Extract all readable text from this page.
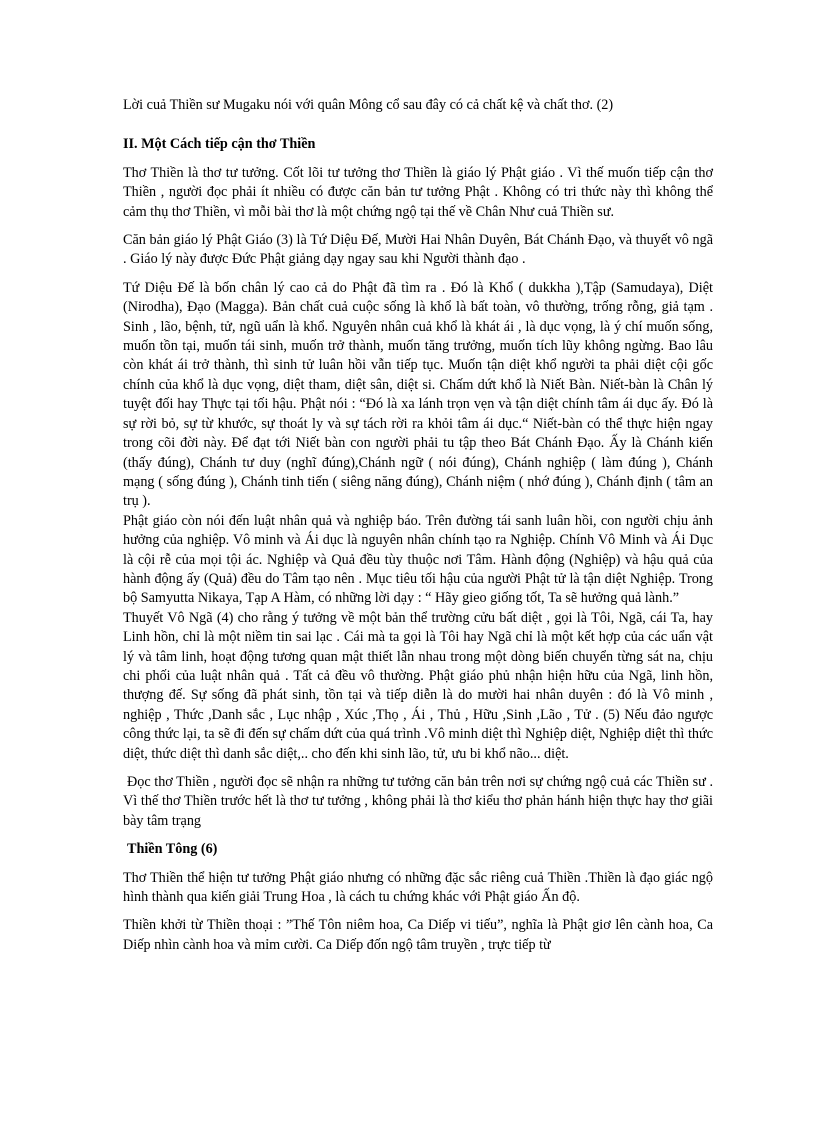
Lời cuả Thiền sư Mugaku nói với quân Mông cổ sau đây có cả chất kệ và chất thơ. (2)

II. Một Cách tiếp cận thơ Thiền

Thơ Thiền là thơ tư tưởng. Cốt lõi tư tưởng thơ Thiền là giáo lý Phật giáo . Vì thế muốn tiếp cận thơ Thiền , người đọc phải ít nhiều có được căn bản tư tưởng Phật . Không có tri thức này thì không thể cảm thụ thơ Thiền, vì mỗi bài thơ là một chứng ngộ tại thế về Chân Như cuả Thiền sư.

Căn bản giáo lý Phật Giáo (3) là Tứ Diệu Đế, Mười Hai Nhân Duyên, Bát Chánh Đạo, và thuyết vô ngã . Giáo lý này được Đức Phật giảng dạy ngay sau khi Người thành đạo .

Tứ Diệu Đế là bốn chân lý cao cả do Phật đã tìm ra . Đó là Khổ ( dukkha ),Tập (Samudaya), Diệt (Nirodha), Đạo (Magga). Bản chất cuả cuộc sống là khổ là bất toàn, vô thường, trống rỗng, giả tạm . Sinh , lão, bệnh, tử, ngũ uẩn là khổ. Nguyên nhân cuả khổ là khát ái , là dục vọng, là ý chí muốn sống, muốn tồn tại, muốn tái sinh, muốn trở thành, muốn tăng trưởng, muốn tích lũy không ngừng. Bao lâu còn khát ái trở thành, thì sinh tử luân hồi vẫn tiếp tục. Muốn tận diệt khổ người ta phải diệt cội gốc chính của khổ là dục vọng, diệt tham, diệt sân, diệt si. Chấm dứt khổ là Niết Bàn. Niết-bàn là Chân lý tuyệt đối hay Thực tại tối hậu. Phật nói : “Đó là xa lánh trọn vẹn và tận diệt chính tâm ái dục ấy. Đó là sự rời bỏ, sự từ khước, sự thoát ly và sự tách rời ra khỏi tâm ái dục.“ Niết-bàn có thể thực hiện ngay trong cõi đời này. Để đạt tới Niết bàn con người phải tu tập theo Bát Chánh Đạo. Ấy là Chánh kiến (thấy đúng), Chánh tư duy (nghĩ đúng),Chánh ngữ ( nói đúng), Chánh nghiệp ( làm đúng ), Chánh mạng ( sống đúng ), Chánh tinh tiến ( siêng năng đúng), Chánh niệm ( nhớ đúng ), Chánh định ( tâm an trụ ).

Phật giáo còn nói đến luật nhân quả và nghiệp báo. Trên đường tái sanh luân hồi, con người chịu ảnh hưởng của nghiệp. Vô minh và Ái dục là nguyên nhân chính tạo ra Nghiệp. Chính Vô Minh và Ái Dục là cội rễ của mọi tội ác. Nghiệp và Quả đều tùy thuộc nơi Tâm. Hành động (Nghiệp) và hậu quả của hành động ấy (Quả) đều do Tâm tạo nên . Mục tiêu tối hậu của người Phật tử là tận diệt Nghiệp. Trong bộ Samyutta Nikaya, Tạp A Hàm, có những lời dạy : “ Hãy gieo giống tốt, Ta sẽ hưởng quả lành.”

Thuyết Vô Ngã (4) cho rằng ý tưởng về một bản thể trường cửu bất diệt , gọi là Tôi, Ngã, cái Ta, hay Linh hồn, chỉ là một niềm tin sai lạc . Cái mà ta gọi là Tôi hay Ngã chỉ là một kết hợp của các uẩn vật lý và tâm linh, hoạt động tương quan mật thiết lẫn nhau trong một dòng biến chuyển từng sát na, chịu chi phối của luật nhân quả . Tất cả đều vô thường. Phật giáo phủ nhận hiện hữu của Ngã, linh hồn, thượng đế. Sự sống đã phát sinh, tồn tại và tiếp diễn là do mười hai nhân duyên : đó là Vô minh , nghiệp , Thức ,Danh sắc , Lục nhập , Xúc ,Thọ , Ái , Thủ , Hữu ,Sinh ,Lão , Tử . (5) Nếu đảo ngược công thức lại, ta sẽ đi đến sự chấm dứt của quá trình .Vô minh diệt thì Nghiệp diệt, Nghiệp diệt thì thức diệt, thức diệt thì danh sắc diệt,.. cho đến khi sinh lão, tử, ưu bi khổ não... diệt.

Đọc thơ Thiền , người đọc sẽ nhận ra những tư tưởng căn bản trên nơi sự chứng ngộ cuả các Thiền sư . Vì thế thơ Thiền trước hết là thơ tư tưởng , không phải là thơ kiểu thơ phản hánh hiện thực hay thơ giãi bày tâm trạng

Thiền Tông (6)

Thơ Thiền thể hiện tư tưởng Phật giáo nhưng có những đặc sắc riêng cuả Thiền .Thiền là đạo giác ngộ hình thành qua kiến giải Trung Hoa , là cách tu chứng khác với Phật giáo Ấn độ.

Thiền khởi từ Thiền thoại : ”Thế Tôn niêm hoa, Ca Diếp vi tiếu”, nghĩa là Phật giơ lên cành hoa, Ca Diếp nhìn cành hoa và mỉm cười. Ca Diếp đốn ngộ tâm truyền , trực tiếp từ
